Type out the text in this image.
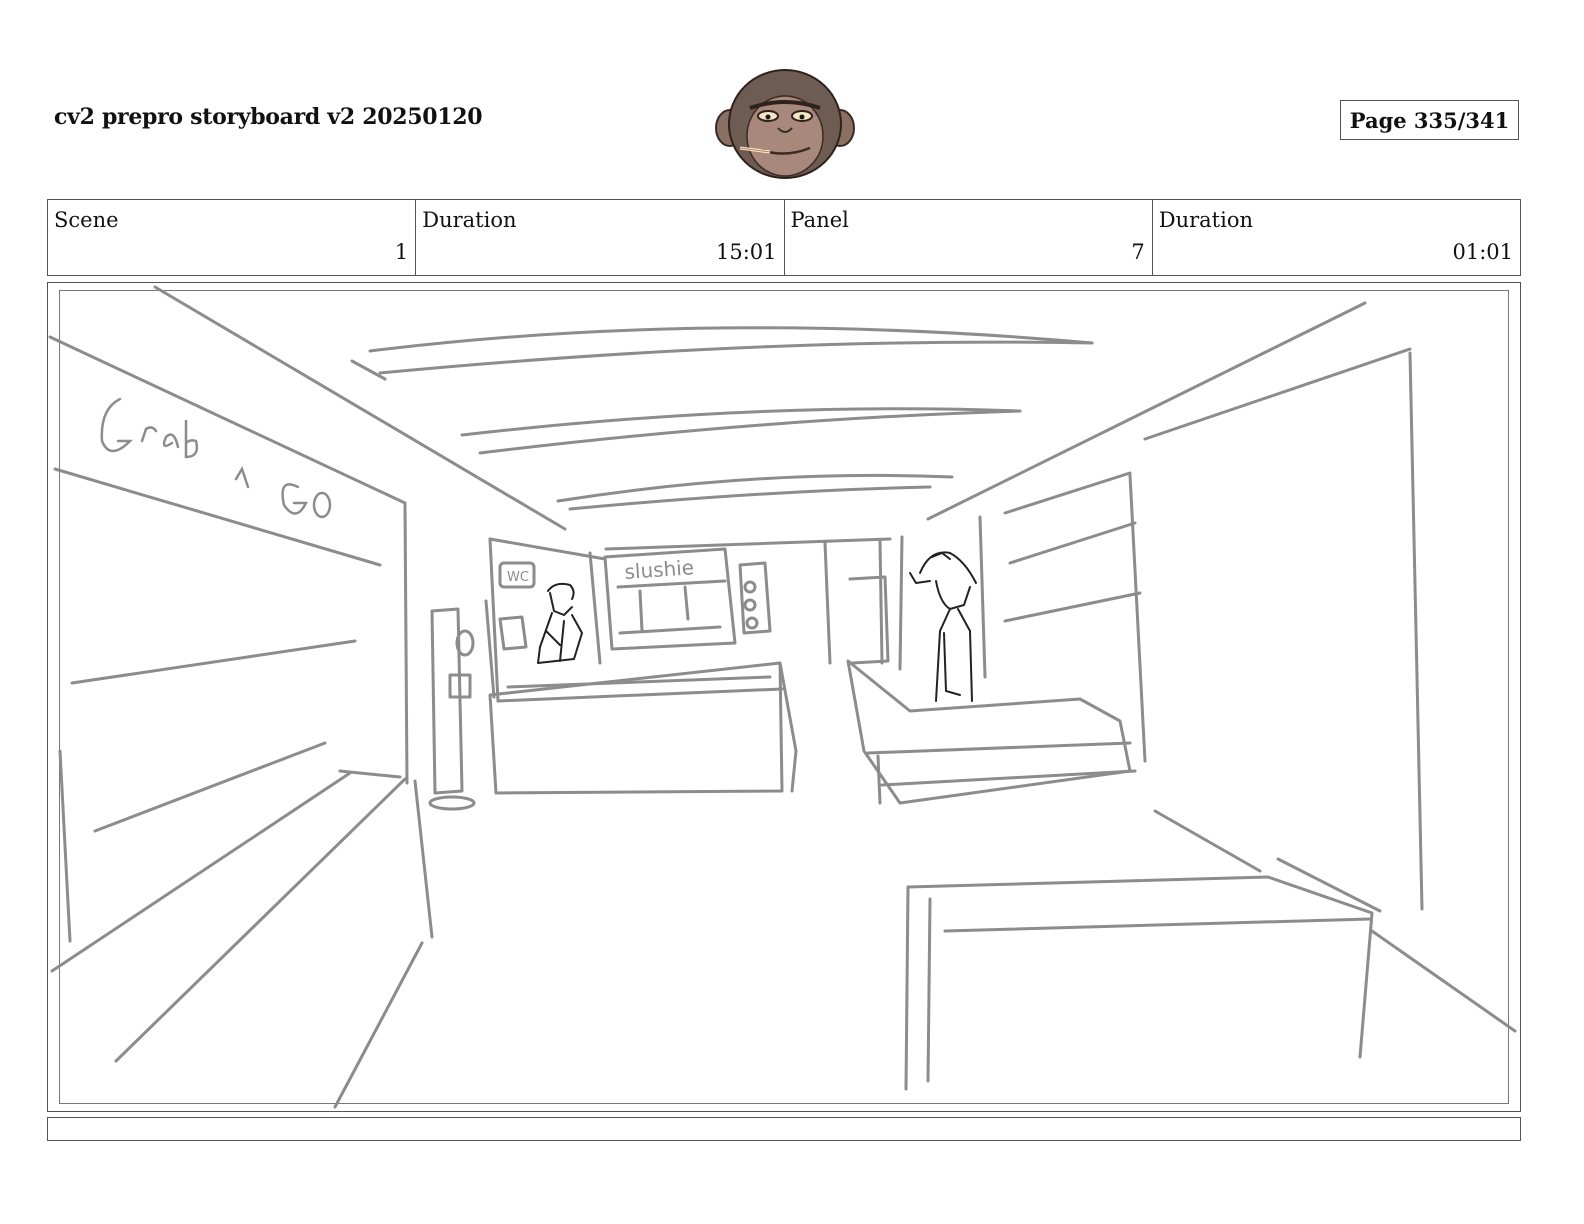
cv2 prepro storyboard v2 20250120	Page 335/341
Scene
1
Duration
15:01
Panel
7
Duration
01:01
slushie
WC
Grab
